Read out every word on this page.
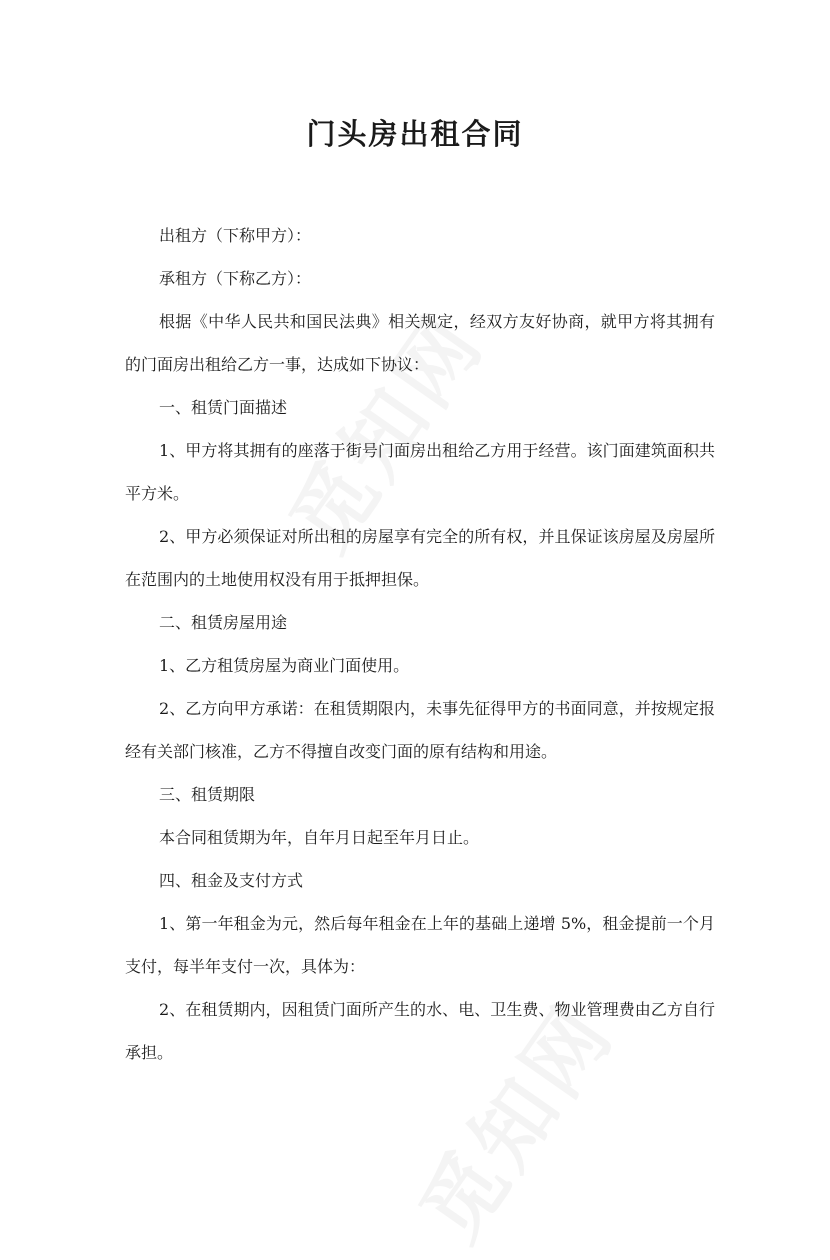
门头房出租合同

出租方（下称甲方）：

承租方（下称乙方）：

根据《中华人民共和国民法典》相关规定，经双方友好协商，就甲方将其拥有的门面房出租给乙方一事，达成如下协议：

一、租赁门面描述

1、甲方将其拥有的座落于街号门面房出租给乙方用于经营。该门面建筑面积共平方米。

2、甲方必须保证对所出租的房屋享有完全的所有权，并且保证该房屋及房屋所在范围内的土地使用权没有用于抵押担保。

二、租赁房屋用途

1、乙方租赁房屋为商业门面使用。

2、乙方向甲方承诺：在租赁期限内，未事先征得甲方的书面同意，并按规定报经有关部门核准，乙方不得擅自改变门面的原有结构和用途。

三、租赁期限

本合同租赁期为年，自年月日起至年月日止。

四、租金及支付方式

1、第一年租金为元，然后每年租金在上年的基础上递增 5%，租金提前一个月支付，每半年支付一次，具体为：

2、在租赁期内，因租赁门面所产生的水、电、卫生费、物业管理费由乙方自行承担。
